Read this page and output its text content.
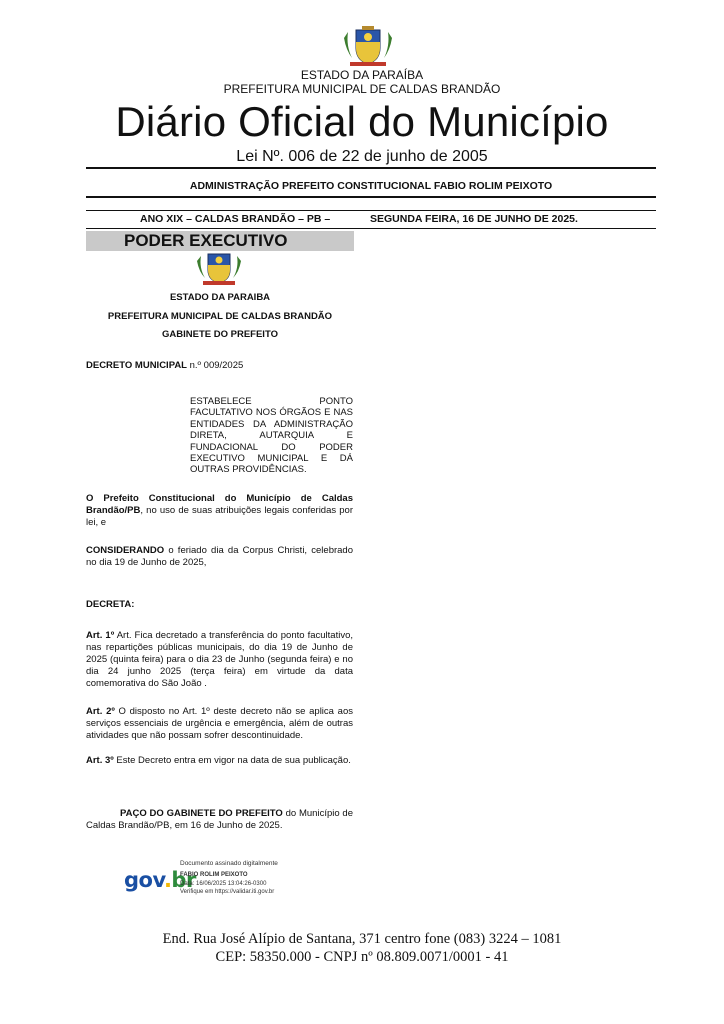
ESTADO DA PARAÍBA
PREFEITURA MUNICIPAL DE CALDAS BRANDÃO
Diário Oficial do Município
Lei Nº. 006 de 22 de junho de 2005
ADMINISTRAÇÃO PREFEITO CONSTITUCIONAL FABIO ROLIM PEIXOTO
ANO XIX – CALDAS BRANDÃO – PB –	SEGUNDA FEIRA, 16 DE JUNHO DE 2025.
PODER EXECUTIVO
ESTADO DA PARAIBA
PREFEITURA MUNICIPAL DE CALDAS BRANDÃO
GABINETE DO PREFEITO
DECRETO MUNICIPAL n.º 009/2025
ESTABELECE PONTO FACULTATIVO NOS ÓRGÃOS E NAS ENTIDADES DA ADMINISTRAÇÃO DIRETA, AUTARQUIA E FUNDACIONAL DO PODER EXECUTIVO MUNICIPAL E DÁ OUTRAS PROVIDÊNCIAS.
O Prefeito Constitucional do Município de Caldas Brandão/PB, no uso de suas atribuições legais conferidas por lei, e
CONSIDERANDO o feriado dia da Corpus Christi, celebrado no dia 19 de Junho de 2025,
DECRETA:
Art. 1º Art. Fica decretado a transferência do ponto facultativo, nas repartições públicas municipais, do dia 19 de Junho de 2025 (quinta feira) para o dia 23 de Junho (segunda feira) e no dia 24 junho 2025 (terça feira) em virtude da data comemorativa do São João .
Art. 2º O disposto no Art. 1º deste decreto não se aplica aos serviços essenciais de urgência e emergência, além de outras atividades que não possam sofrer descontinuidade.
Art. 3º Este Decreto entra em vigor na data de sua publicação.
PAÇO DO GABINETE DO PREFEITO do Município de Caldas Brandão/PB, em 16 de Junho de 2025.
gov.br
Documento assinado digitalmente
FABIO ROLIM PEIXOTO
Data: 16/06/2025 13:04:26-0300
Verifique em https://validar.iti.gov.br
End. Rua José Alípio de Santana, 371 centro fone (083) 3224 – 1081
CEP: 58350.000 - CNPJ nº 08.809.0071/0001 - 41
